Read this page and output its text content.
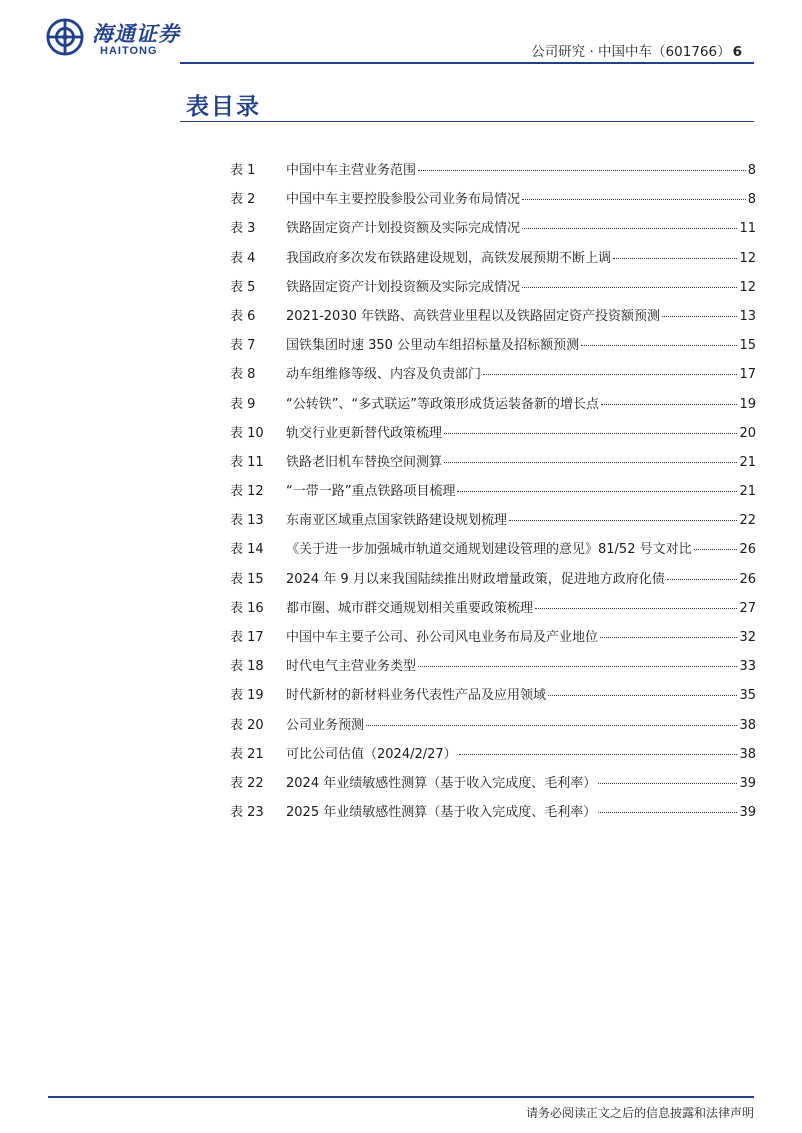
海通证券
HAITONG	公司研究 · 中国中车（601766） 6
表目录
表 1	中国中车主营业务范围	8
表 2	中国中车主要控股参股公司业务布局情况	8
表 3	铁路固定资产计划投资额及实际完成情况	11
表 4	我国政府多次发布铁路建设规划，高铁发展预期不断上调	12
表 5	铁路固定资产计划投资额及实际完成情况	12
表 6	2021-2030 年铁路、高铁营业里程以及铁路固定资产投资额预测	13
表 7	国铁集团时速 350 公里动车组招标量及招标额预测	15
表 8	动车组维修等级、内容及负责部门	17
表 9	“公转铁”、“多式联运”等政策形成货运装备新的增长点	19
表 10	轨交行业更新替代政策梳理	20
表 11	铁路老旧机车替换空间测算	21
表 12	“一带一路”重点铁路项目梳理	21
表 13	东南亚区域重点国家铁路建设规划梳理	22
表 14	《关于进一步加强城市轨道交通规划建设管理的意见》81/52 号文对比	26
表 15	2024 年 9 月以来我国陆续推出财政增量政策，促进地方政府化债	26
表 16	都市圈、城市群交通规划相关重要政策梳理	27
表 17	中国中车主要子公司、孙公司风电业务布局及产业地位	32
表 18	时代电气主营业务类型	33
表 19	时代新材的新材料业务代表性产品及应用领域	35
表 20	公司业务预测	38
表 21	可比公司估值（2024/2/27）	38
表 22	2024 年业绩敏感性测算（基于收入完成度、毛利率）	39
表 23	2025 年业绩敏感性测算（基于收入完成度、毛利率）	39
请务必阅读正文之后的信息披露和法律声明
